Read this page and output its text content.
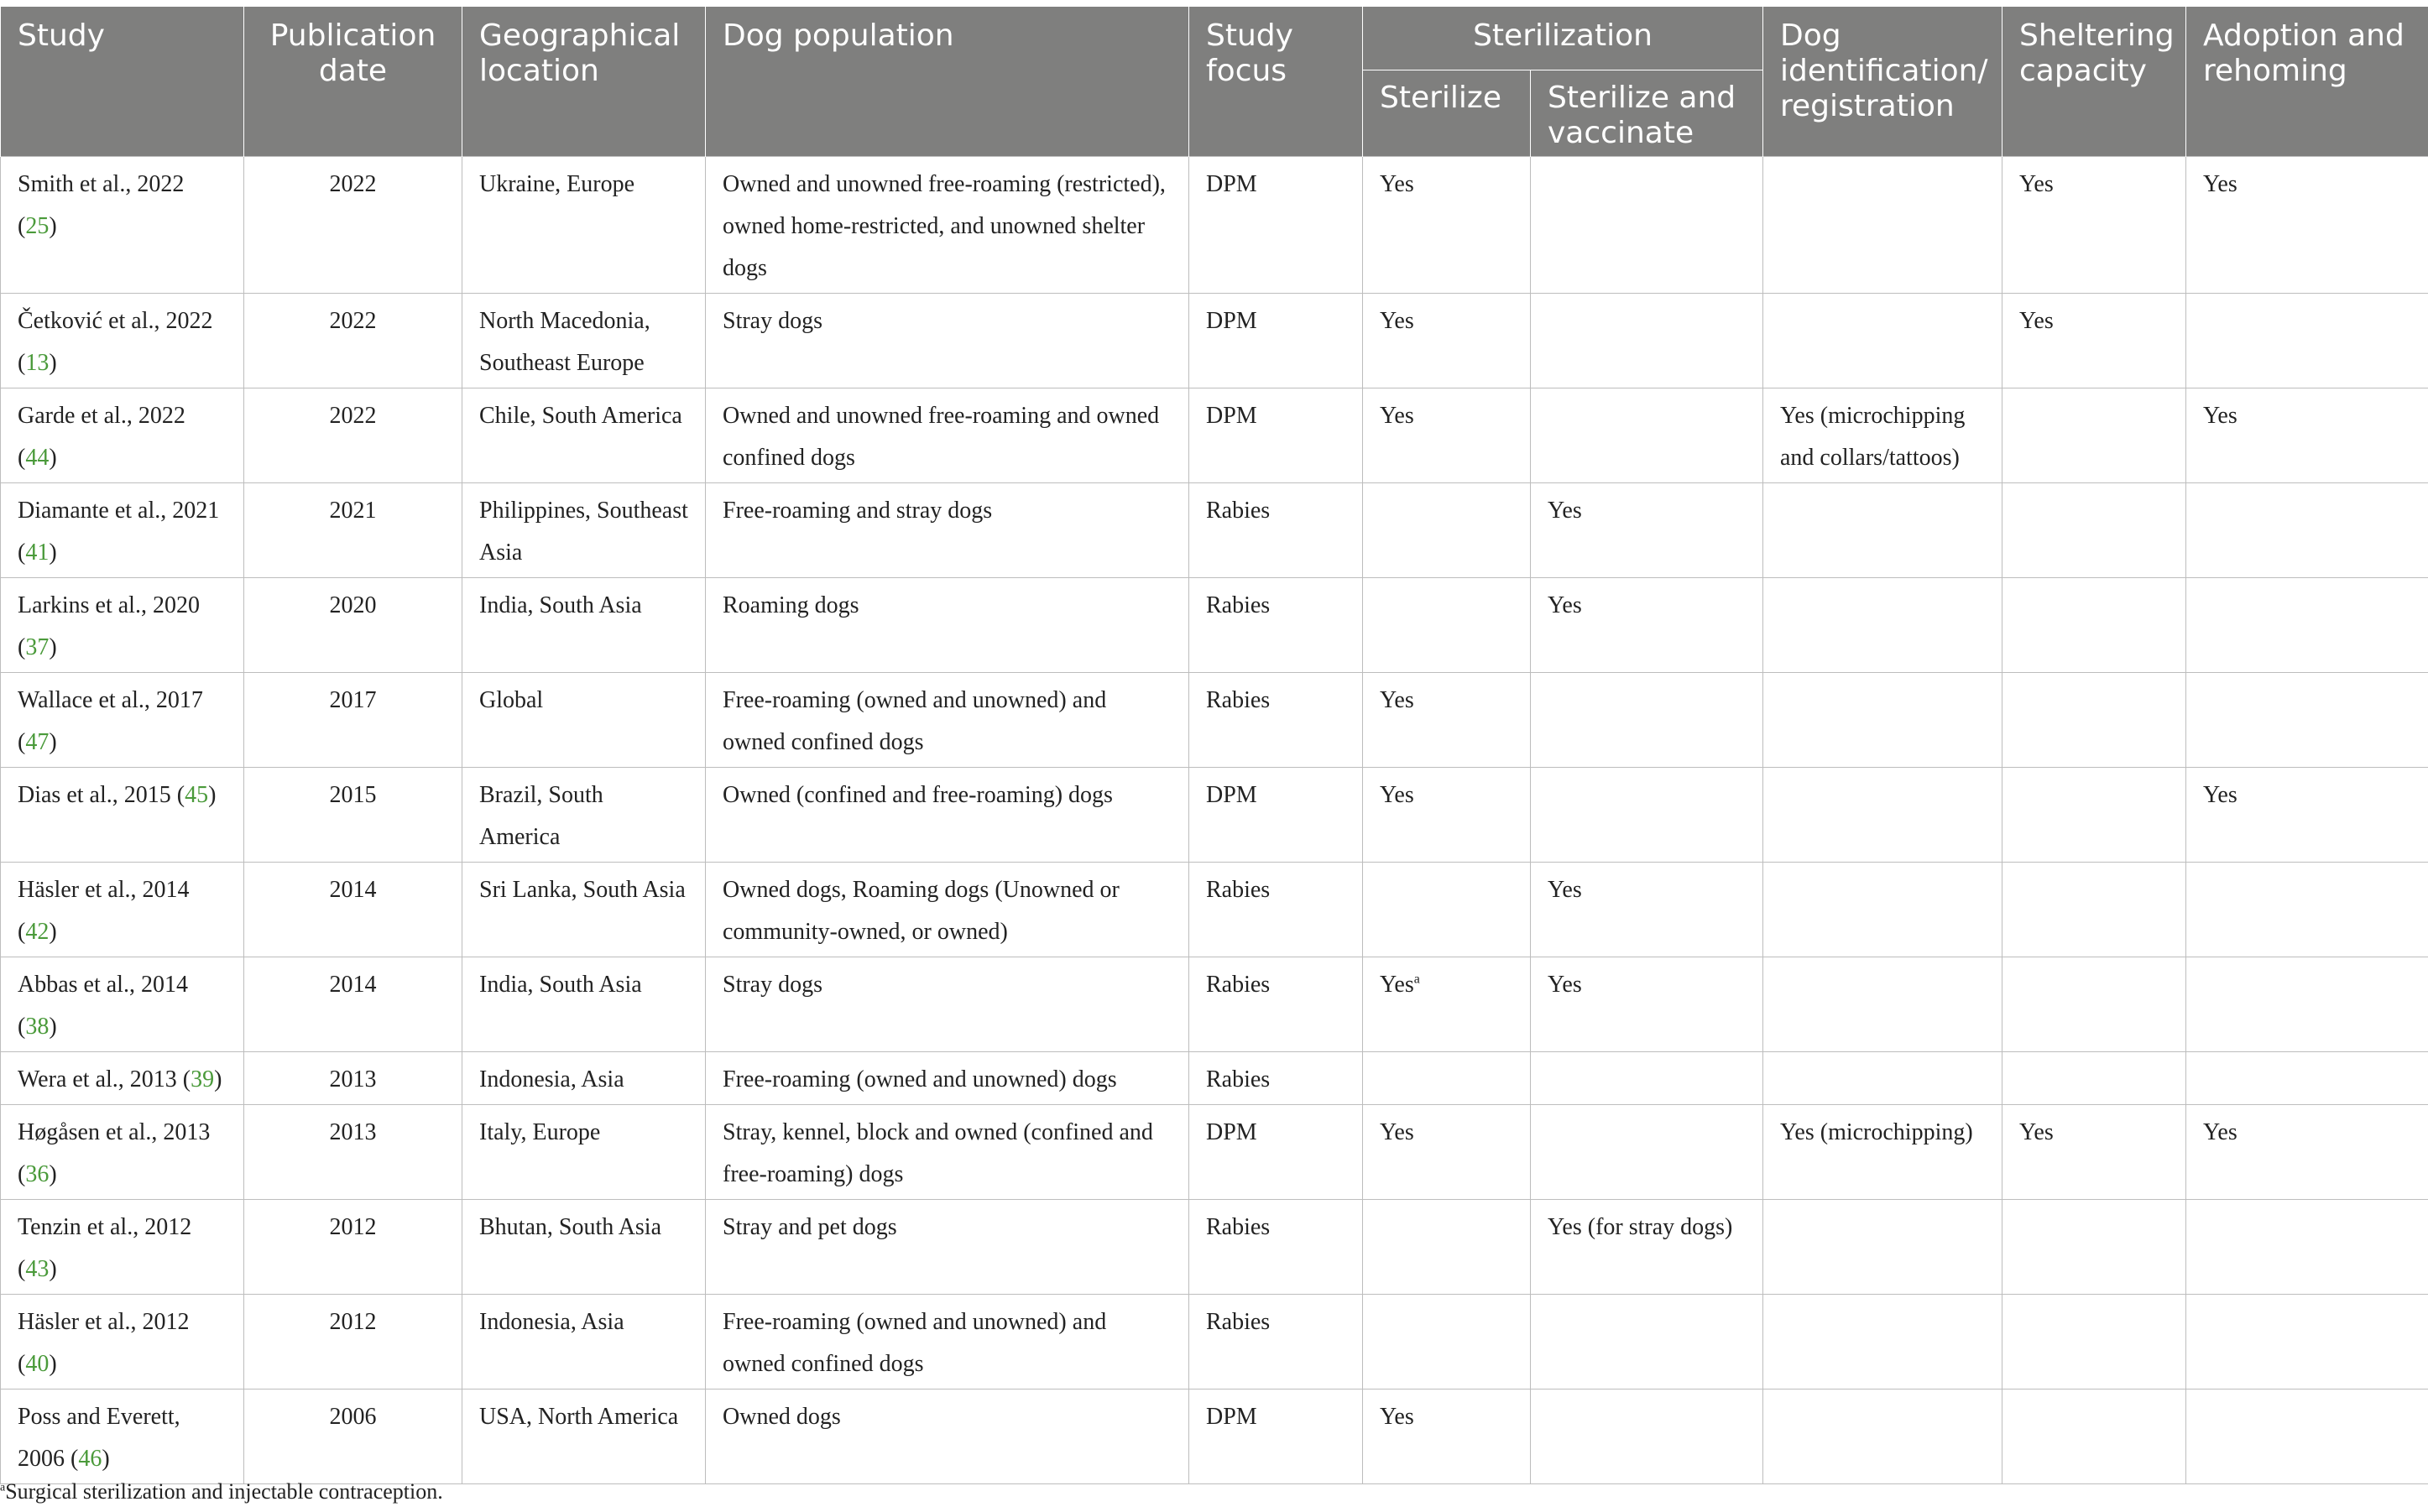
Study	Publication date	Geographical location	Dog population	Study focus	Sterilization		Dog identification/ registration	Sheltering capacity	Adoption and rehoming
					Sterilize	Sterilize and vaccinate			
Smith et al., 2022 (25)	2022	Ukraine, Europe	Owned and unowned free-roaming (restricted), owned home-restricted, and unowned shelter dogs	DPM	Yes			Yes	Yes
Četković et al., 2022 (13)	2022	North Macedonia, Southeast Europe	Stray dogs	DPM	Yes			Yes	
Garde et al., 2022 (44)	2022	Chile, South America	Owned and unowned free-roaming and owned confined dogs	DPM	Yes		Yes (microchipping and collars/tattoos)		Yes
Diamante et al., 2021 (41)	2021	Philippines, Southeast Asia	Free-roaming and stray dogs	Rabies		Yes			
Larkins et al., 2020 (37)	2020	India, South Asia	Roaming dogs	Rabies		Yes			
Wallace et al., 2017 (47)	2017	Global	Free-roaming (owned and unowned) and owned confined dogs	Rabies	Yes				
Dias et al., 2015 (45)	2015	Brazil, South America	Owned (confined and free-roaming) dogs	DPM	Yes				Yes
Häsler et al., 2014 (42)	2014	Sri Lanka, South Asia	Owned dogs, Roaming dogs (Unowned or community-owned, or owned)	Rabies		Yes			
Abbas et al., 2014 (38)	2014	India, South Asia	Stray dogs	Rabies	Yes$^a$	Yes			
Wera et al., 2013 (39)	2013	Indonesia, Asia	Free-roaming (owned and unowned) dogs	Rabies					
Høgåsen et al., 2013 (36)	2013	Italy, Europe	Stray, kennel, block and owned (confined and free-roaming) dogs	DPM	Yes		Yes (microchipping)	Yes	Yes
Tenzin et al., 2012 (43)	2012	Bhutan, South Asia	Stray and pet dogs	Rabies		Yes (for stray dogs)			
Häsler et al., 2012 (40)	2012	Indonesia, Asia	Free-roaming (owned and unowned) and owned confined dogs	Rabies					
Poss and Everett, 2006 (46)	2006	USA, North America	Owned dogs	DPM	Yes				
$^a$Surgical sterilization and injectable contraception.
